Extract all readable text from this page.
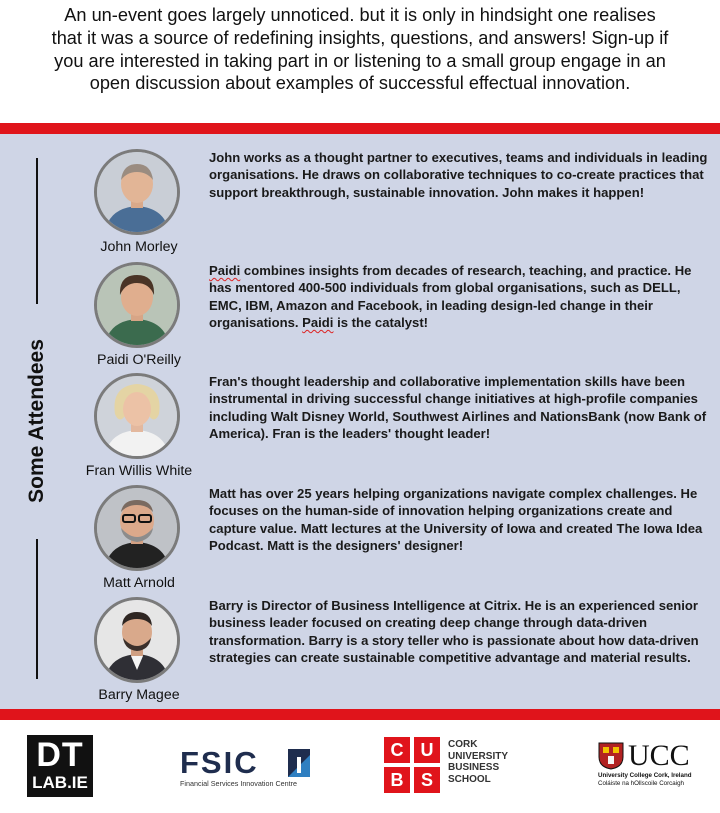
An un-event goes largely unnoticed. but it is only in hindsight one realises
that it was a source of redefining insights, questions, and answers! Sign-up if
you are interested in taking part in or listening to a small group engage in an
open discussion about examples of successful effectual innovation.
Some Attendees
John Morley
John works as a thought partner to executives, teams and individuals in leading organisations. He draws on collaborative techniques to co-create practices that support breakthrough, sustainable innovation. John makes it happen!
Paidi O'Reilly
Paidi combines insights from decades of research, teaching, and practice. He has mentored 400-500 individuals from global organisations, such as DELL, EMC, IBM, Amazon and Facebook, in leading design-led change in their organisations. Paidi is the catalyst!
Fran Willis White
Fran's thought leadership and collaborative implementation skills have been instrumental in driving successful change initiatives at high-profile companies including Walt Disney World, Southwest Airlines and NationsBank (now Bank of America). Fran is the leaders' thought leader!
Matt Arnold
Matt has over 25 years helping organizations navigate complex challenges. He focuses on the human-side of innovation helping organizations create and capture value. Matt lectures at the University of Iowa and created The Iowa Idea Podcast. Matt is the designers' designer!
Barry Magee
Barry is Director of Business Intelligence at Citrix. He is an experienced senior business leader focused on creating deep change through data-driven transformation. Barry is a story teller who is passionate about how data-driven strategies can create sustainable competitive advantage and material results.
DT
LAB.IE
FSIC
Financial Services Innovation Centre
C U
B S
CORK
UNIVERSITY
BUSINESS
SCHOOL
UCC
University College Cork, Ireland
Coláiste na hOllscoile Corcaigh
